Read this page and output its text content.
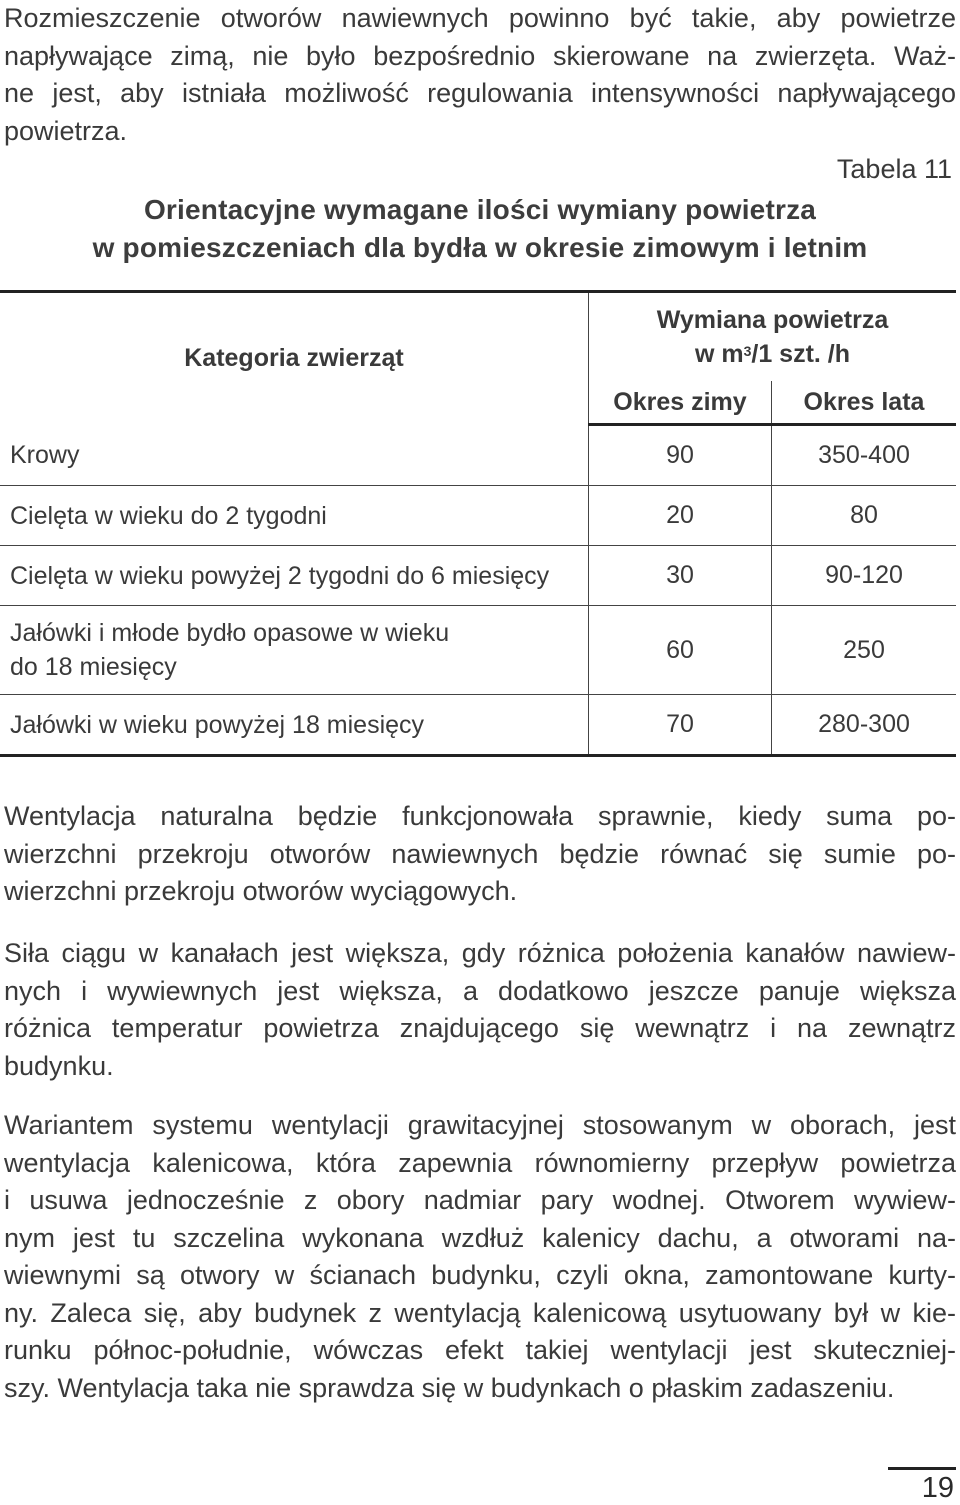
Rozmieszczenie otworów nawiewnych powinno być takie, aby powietrze
napływające zimą, nie było bezpośrednio skierowane na zwierzęta. Waż-
ne jest, aby istniała możliwość regulowania intensywności napływającego
powietrza.

Tabela 11
Orientacyjne wymagane ilości wymiany powietrza
w pomieszczeniach dla bydła w okresie zimowym i letnim
Kategoria zwierząt	Wymiana powietrza
w $m^3/1$ szt. /h	

	Okres zimy	Okres lata
Krowy	90	350-400
Cielęta w wieku do 2 tygodni	20	80
Cielęta w wieku powyżej 2 tygodni do 6 miesięcy	30	90-120
Jałówki i młode bydło opasowe w wieku
do 18 miesięcy	60	250
Jałówki w wieku powyżej 18 miesięcy	70	280-300

Wentylacja naturalna będzie funkcjonowała sprawnie, kiedy suma po-
wierzchni przekroju otworów nawiewnych będzie równać się sumie po-
wierzchni przekroju otworów wyciągowych.

Siła ciągu w kanałach jest większa, gdy różnica położenia kanałów nawiew-
nych i wywiewnych jest większa, a dodatkowo jeszcze panuje większa
różnica temperatur powietrza znajdującego się wewnątrz i na zewnątrz
budynku.

Wariantem systemu wentylacji grawitacyjnej stosowanym w oborach, jest
wentylacja kalenicowa, która zapewnia równomierny przepływ powietrza
i usuwa jednocześnie z obory nadmiar pary wodnej. Otworem wywiew-
nym jest tu szczelina wykonana wzdłuż kalenicy dachu, a otworami na-
wiewnymi są otwory w ścianach budynku, czyli okna, zamontowane kurty-
ny. Zaleca się, aby budynek z wentylacją kalenicową usytuowany był w kie-
runku północ-południe, wówczas efekt takiej wentylacji jest skuteczniej-
szy. Wentylacja taka nie sprawdza się w budynkach o płaskim zadaszeniu.

19
